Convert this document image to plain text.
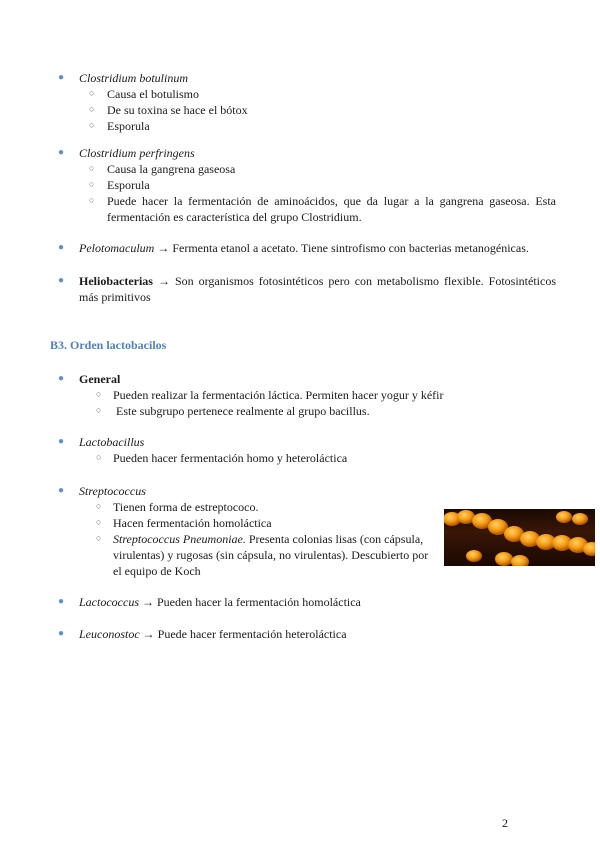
● Clostridium botulinum
○ Causa el botulismo
○ De su toxina se hace el bótox
○ Esporula
● Clostridium perfringens
○ Causa la gangrena gaseosa
○ Esporula
○ Puede hacer la fermentación de aminoácidos, que da lugar a la gangrena gaseosa. Esta fermentación es característica del grupo Clostridium.
● Pelotomaculum → Fermenta etanol a acetato. Tiene sintrofismo con bacterias metanogénicas.
● Heliobacterias → Son organismos fotosintéticos pero con metabolismo flexible. Fotosintéticos más primitivos
B3. Orden lactobacilos
● General
○ Pueden realizar la fermentación láctica. Permiten hacer yogur y kéfir
○ Este subgrupo pertenece realmente al grupo bacillus.
● Lactobacillus
○ Pueden hacer fermentación homo y heteroláctica
● Streptococcus
○ Tienen forma de estreptococo.
○ Hacen fermentación homoláctica
○ Streptococcus Pneumoniae. Presenta colonias lisas (con cápsula, virulentas) y rugosas (sin cápsula, no virulentas). Descubierto por el equipo de Koch
● Lactococcus → Pueden hacer la fermentación homoláctica
● Leuconostoc → Puede hacer fermentación heteroláctica
2
